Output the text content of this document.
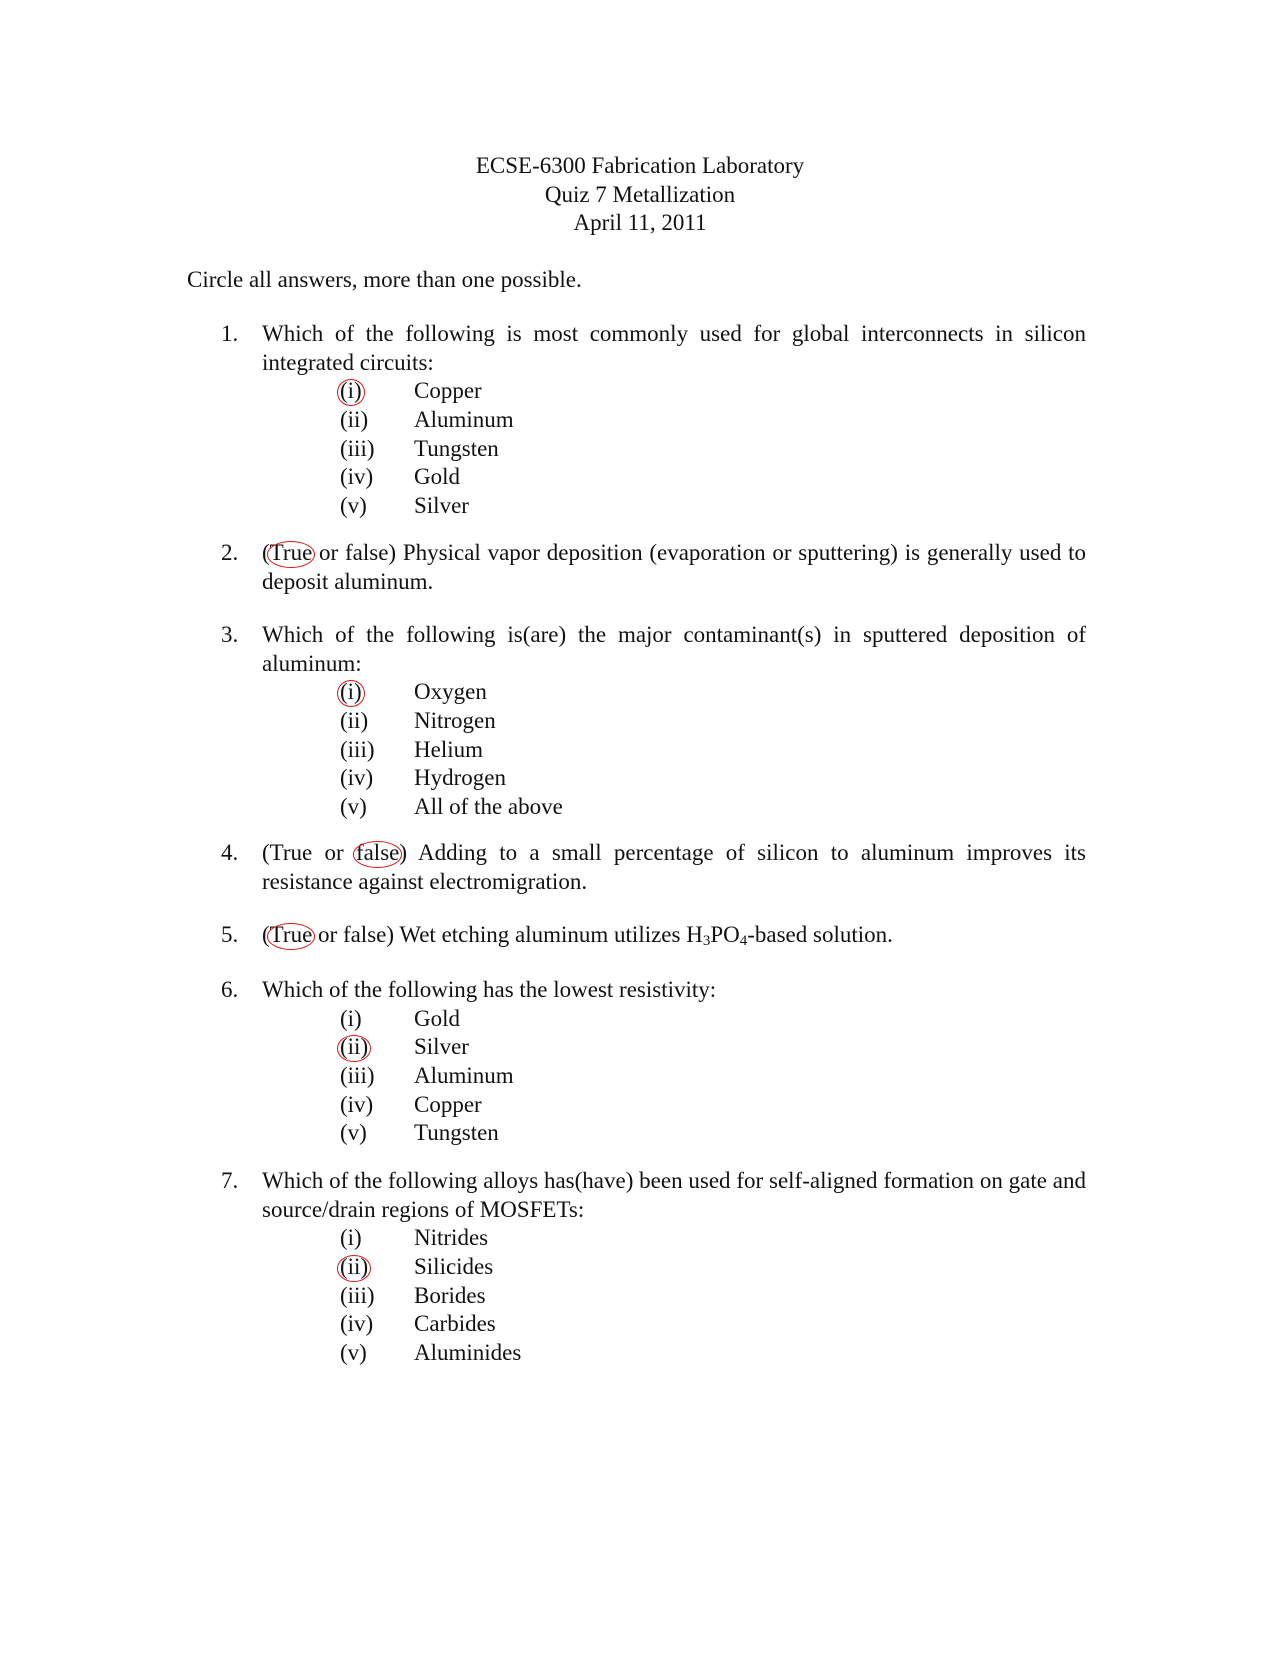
ECSE-6300 Fabrication Laboratory
Quiz 7 Metallization
April 11, 2011
Circle all answers, more than one possible.
1. Which of the following is most commonly used for global interconnects in silicon integrated circuits:
(i)	Copper
(ii)	Aluminum
(iii)	Tungsten
(iv)	Gold
(v)	Silver
2. (True or false) Physical vapor deposition (evaporation or sputtering) is generally used to deposit aluminum.
3. Which of the following is(are) the major contaminant(s) in sputtered deposition of aluminum:
(i)	Oxygen
(ii)	Nitrogen
(iii)	Helium
(iv)	Hydrogen
(v)	All of the above
4. (True or false) Adding to a small percentage of silicon to aluminum improves its resistance against electromigration.
5. (True or false) Wet etching aluminum utilizes $H_3PO_4$-based solution.
6. Which of the following has the lowest resistivity:
(i)	Gold
(ii)	Silver
(iii)	Aluminum
(iv)	Copper
(v)	Tungsten
7. Which of the following alloys has(have) been used for self-aligned formation on gate and source/drain regions of MOSFETs:
(i)	Nitrides
(ii)	Silicides
(iii)	Borides
(iv)	Carbides
(v)	Aluminides
